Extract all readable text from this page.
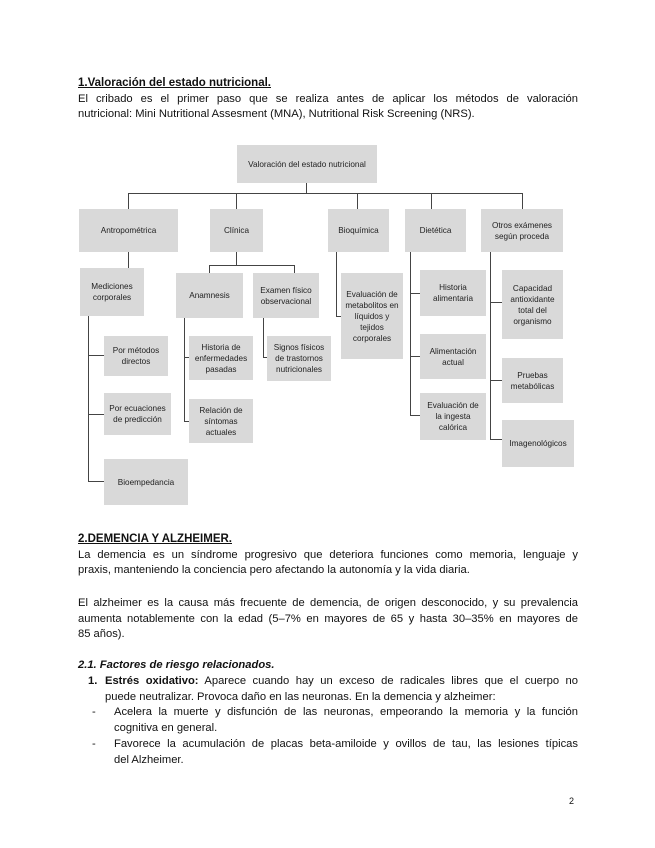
1.Valoración del estado nutricional.
El cribado es el primer paso que se realiza antes de aplicar los métodos de valoración
nutricional: Mini Nutritional Assesment (MNA), Nutritional Risk Screening (NRS).
Valoración del estado nutricional
Antropométrica	Clínica	Bioquímica	Dietética
Otros exámenes según proceda
Mediciones corporales
Por métodos directos
Por ecuaciones de predicción
Bioempedancia
Anamnesis
Examen físico observacional
Historia de enfermedades pasadas
Relación de síntomas actuales
Signos físicos de trastornos nutricionales
Evaluación de metabolitos en líquidos y tejidos corporales
Historia alimentaria
Alimentación actual
Evaluación de la ingesta calórica
Capacidad antioxidante total del organismo
Pruebas metabólicas
Imagenológicos
2.DEMENCIA Y ALZHEIMER.
La demencia es un síndrome progresivo que deteriora funciones como memoria, lenguaje y
praxis, manteniendo la conciencia pero afectando la autonomía y la vida diaria.
El alzheimer es la causa más frecuente de demencia, de origen desconocido, y su prevalencia
aumenta notablemente con la edad (5–7% en mayores de 65 y hasta 30–35% en mayores de
85 años).
2.1. Factores de riesgo relacionados.
1. Estrés oxidativo: Aparece cuando hay un exceso de radicales libres que el cuerpo no
puede neutralizar. Provoca daño en las neuronas. En la demencia y alzheimer:
- Acelera la muerte y disfunción de las neuronas, empeorando la memoria y la función
cognitiva en general.
- Favorece la acumulación de placas beta-amiloide y ovillos de tau, las lesiones típicas
del Alzheimer.
2
